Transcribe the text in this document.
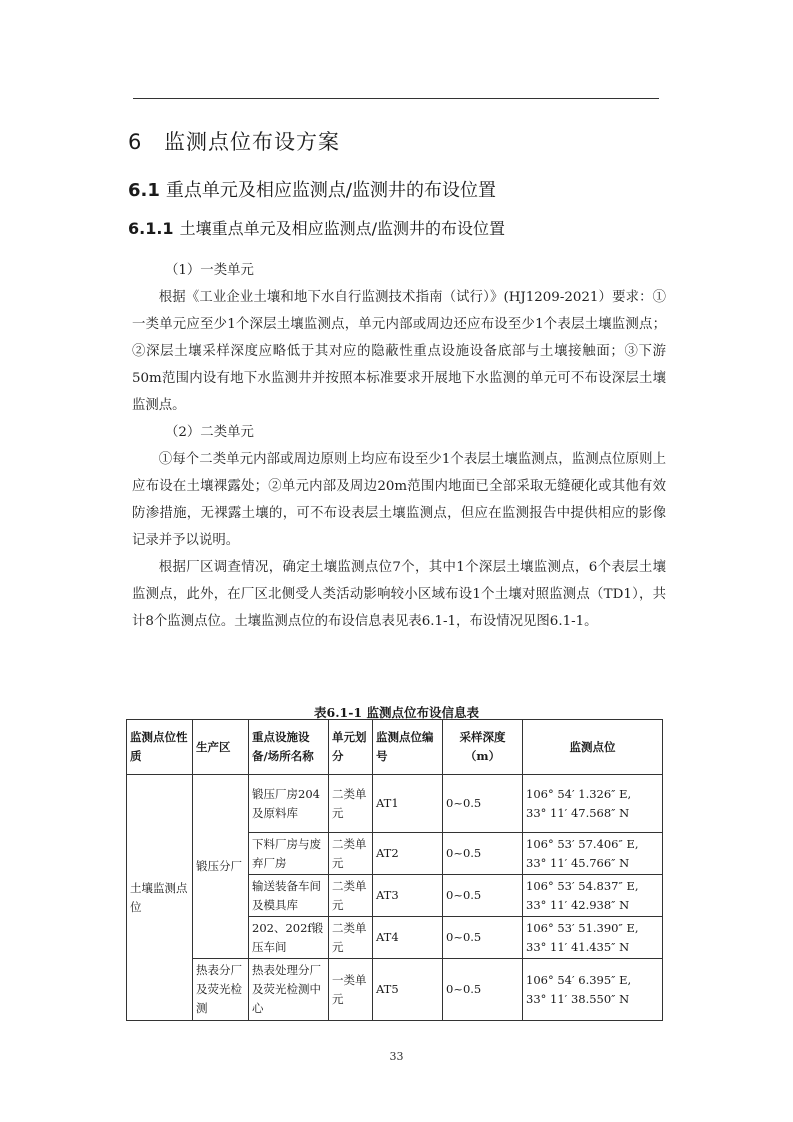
6 监测点位布设方案
6.1 重点单元及相应监测点/监测井的布设位置
6.1.1 土壤重点单元及相应监测点/监测井的布设位置

（1）一类单元

根据《工业企业土壤和地下水自行监测技术指南（试行）》(HJ1209-2021）要求：①一类单元应至少1个深层土壤监测点，单元内部或周边还应布设至少1个表层土壤监测点；②深层土壤采样深度应略低于其对应的隐蔽性重点设施设备底部与土壤接触面；③下游50m范围内设有地下水监测井并按照本标准要求开展地下水监测的单元可不布设深层土壤监测点。

（2）二类单元

①每个二类单元内部或周边原则上均应布设至少1个表层土壤监测点，监测点位原则上应布设在土壤裸露处；②单元内部及周边20m范围内地面已全部采取无缝硬化或其他有效防渗措施，无裸露土壤的，可不布设表层土壤监测点，但应在监测报告中提供相应的影像记录并予以说明。

根据厂区调查情况，确定土壤监测点位7个，其中1个深层土壤监测点，6个表层土壤监测点，此外，在厂区北侧受人类活动影响较小区域布设1个土壤对照监测点（TD1），共计8个监测点位。土壤监测点位的布设信息表见表6.1-1，布设情况见图6.1-1。

表6.1-1 监测点位布设信息表
监测点位性质	生产区	重点设施设备/场所名称	单元划分	监测点位编号	采样深度（m）	监测点位
土壤监测点位	锻压分厂	锻压厂房204及原料库	二类单元	AT1	0~0.5	106° 54′ 1.326″ E,
33° 11′ 47.568″ N
		下料厂房与废弃厂房	二类单元	AT2	0~0.5	106° 53′ 57.406″ E,
33° 11′ 45.766″ N
		输送装备车间及模具库	二类单元	AT3	0~0.5	106° 53′ 54.837″ E,
33° 11′ 42.938″ N
		202、202f锻压车间	二类单元	AT4	0~0.5	106° 53′ 51.390″ E,
33° 11′ 41.435″ N
	热表分厂及荧光检测	热表处理分厂及荧光检测中心	一类单元	AT5	0~0.5	106° 54′ 6.395″ E,
33° 11′ 38.550″ N
33
